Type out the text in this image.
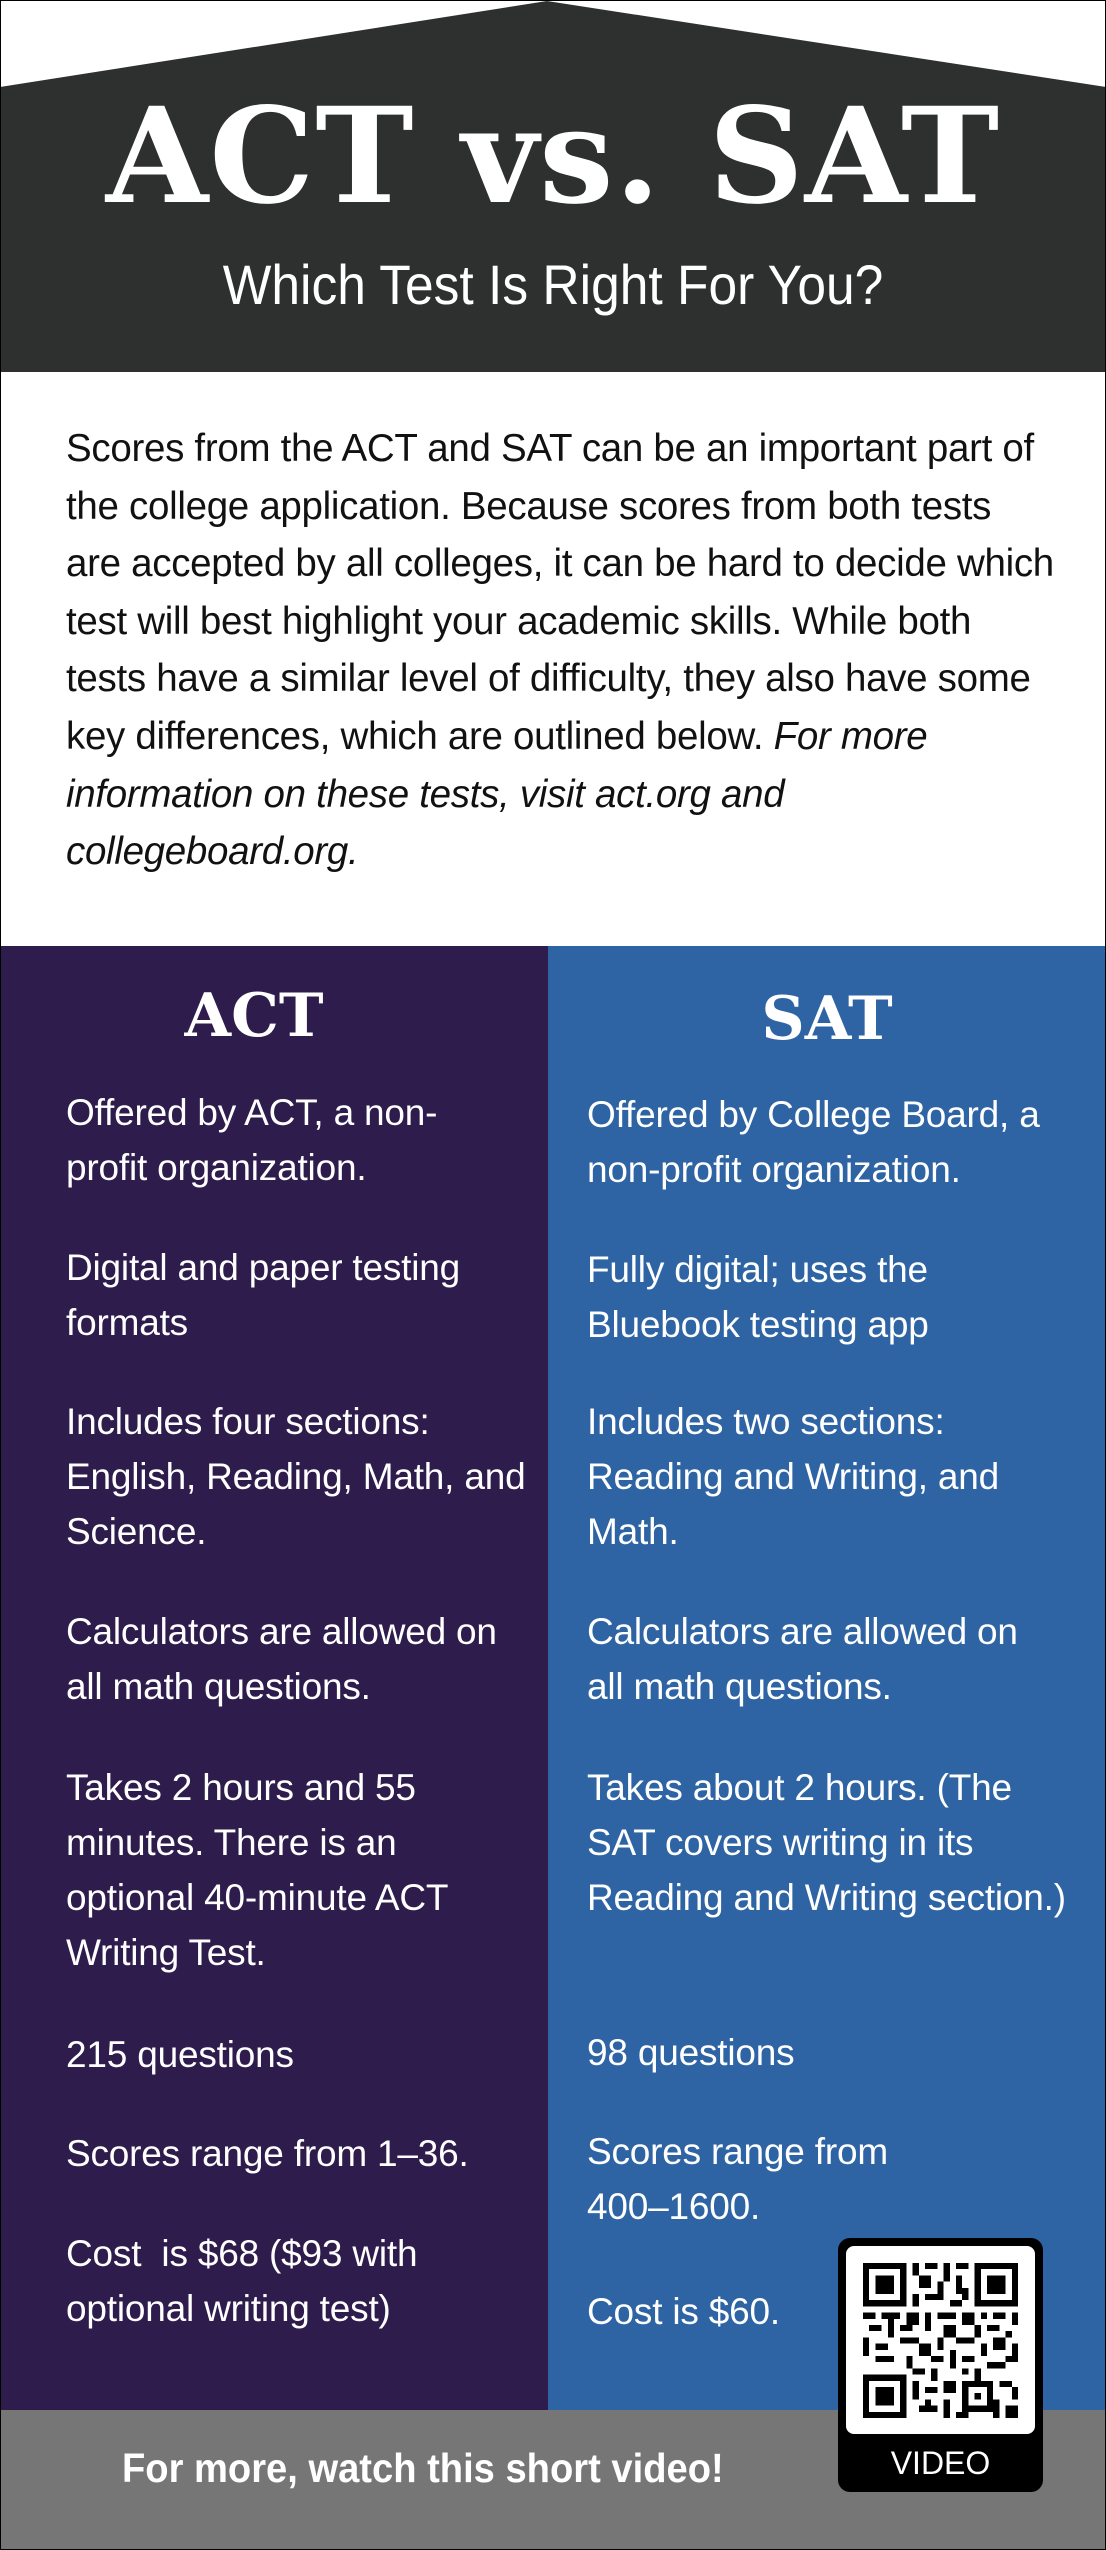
ACT vs. SAT
Which Test Is Right For You?
Scores from the ACT and SAT can be an important part of the college application. Because scores from both tests are accepted by all colleges, it can be hard to decide which test will best highlight your academic skills. While both tests have a similar level of difficulty, they also have some key differences, which are outlined below. For more information on these tests, visit act.org and collegeboard.org.
ACT
Offered by ACT, a non-profit organization.
Digital and paper testing formats
Includes four sections: English, Reading, Math, and Science.
Calculators are allowed on all math questions.
Takes 2 hours and 55 minutes. There is an optional 40-minute ACT Writing Test.
215 questions
Scores range from 1–36.
Cost  is $68 ($93 with optional writing test)
SAT
Offered by College Board, a non-profit organization.
Fully digital; uses the Bluebook testing app
Includes two sections: Reading and Writing, and Math.
Calculators are allowed on all math questions.
Takes about 2 hours. (The SAT covers writing in its Reading and Writing section.)
98 questions
Scores range from 400–1600.
Cost is $60.
For more, watch this short video!	VIDEO
